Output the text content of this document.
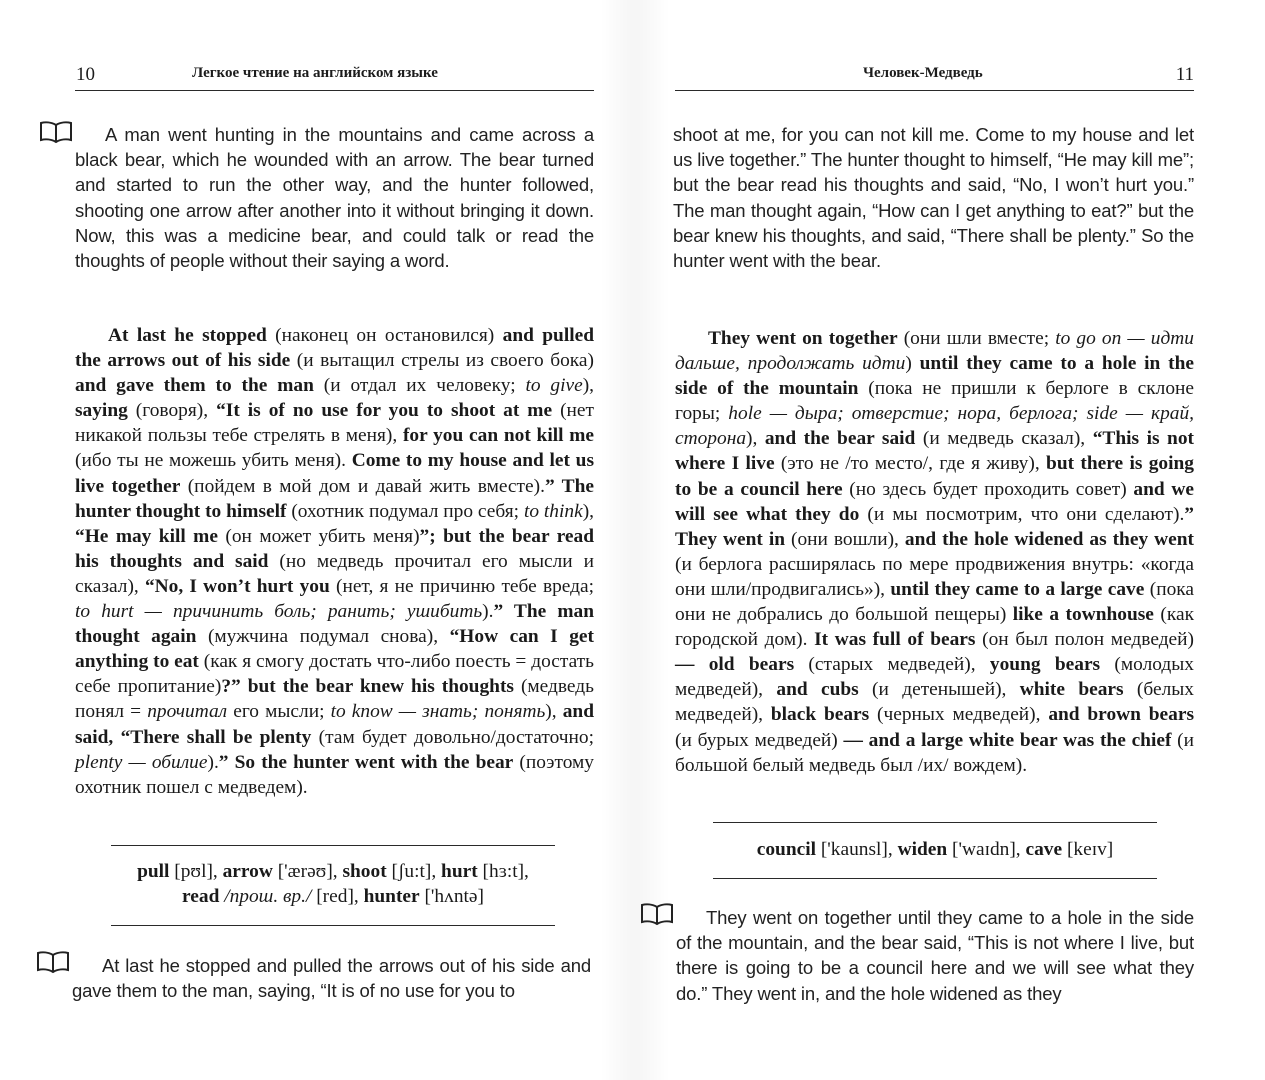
10	Легкое чтение на английском языке

A man went hunting in the mountains and came across a black bear, which he wounded with an arrow. The bear turned and started to run the other way, and the hunter followed, shooting one arrow after another into it without bringing it down. Now, this was a medicine bear, and could talk or read the thoughts of people without their saying a word.

At last he stopped (наконец он остановился) and pulled the arrows out of his side (и вытащил стрелы из своего бока) and gave them to the man (и отдал их человеку; to give), saying (говоря), “It is of no use for you to shoot at me (нет никакой пользы тебе стрелять в меня), for you can not kill me (ибо ты не можешь убить меня). Come to my house and let us live together (пойдем в мой дом и давай жить вместе).” The hunter thought to himself (охотник подумал про себя; to think), “He may kill me (он может убить меня)”; but the bear read his thoughts and said (но медведь прочитал его мысли и сказал), “No, I won’t hurt you (нет, я не причиню тебе вреда; to hurt — причинить боль; ранить; ушибить).” The man thought again (мужчина подумал снова), “How can I get anything to eat (как я смогу достать что-либо поесть = достать себе пропитание)?” but the bear knew his thoughts (медведь понял = прочитал его мысли; to know — знать; понять), and said, “There shall be plenty (там будет довольно/достаточно; plenty — обилие).” So the hunter went with the bear (поэтому охотник пошел с медведем).

pull [pʊl], arrow ['ærəʊ], shoot [ʃu:t], hurt [hɜ:t],
read /прош. вр./ [red], hunter ['hʌntə]

At last he stopped and pulled the arrows out of his side and gave them to the man, saying, “It is of no use for you to

Человек-Медведь	11

shoot at me, for you can not kill me. Come to my house and let us live together.” The hunter thought to himself, “He may kill me”; but the bear read his thoughts and said, “No, I won’t hurt you.” The man thought again, “How can I get anything to eat?” but the bear knew his thoughts, and said, “There shall be plenty.” So the hunter went with the bear.

They went on together (они шли вместе; to go on — идти дальше, продолжать идти) until they came to a hole in the side of the mountain (пока не пришли к берлоге в склоне горы; hole — дыра; отверстие; нора, берлога; side — край, сторона), and the bear said (и медведь сказал), “This is not where I live (это не /то место/, где я живу), but there is going to be a council here (но здесь будет проходить совет) and we will see what they do (и мы посмотрим, что они сделают).” They went in (они вошли), and the hole widened as they went (и берлога расширялась по мере продвижения внутрь: «когда они шли/продвигались»), until they came to a large cave (пока они не добрались до большой пещеры) like a townhouse (как городской дом). It was full of bears (он был полон медведей) — old bears (старых медведей), young bears (молодых медведей), and cubs (и детенышей), white bears (белых медведей), black bears (черных медведей), and brown bears (и бурых медведей) — and a large white bear was the chief (и большой белый медведь был /их/ вождем).

council ['kaunsl], widen ['waɪdn], cave [keɪv]

They went on together until they came to a hole in the side of the mountain, and the bear said, “This is not where I live, but there is going to be a council here and we will see what they do.” They went in, and the hole widened as they
